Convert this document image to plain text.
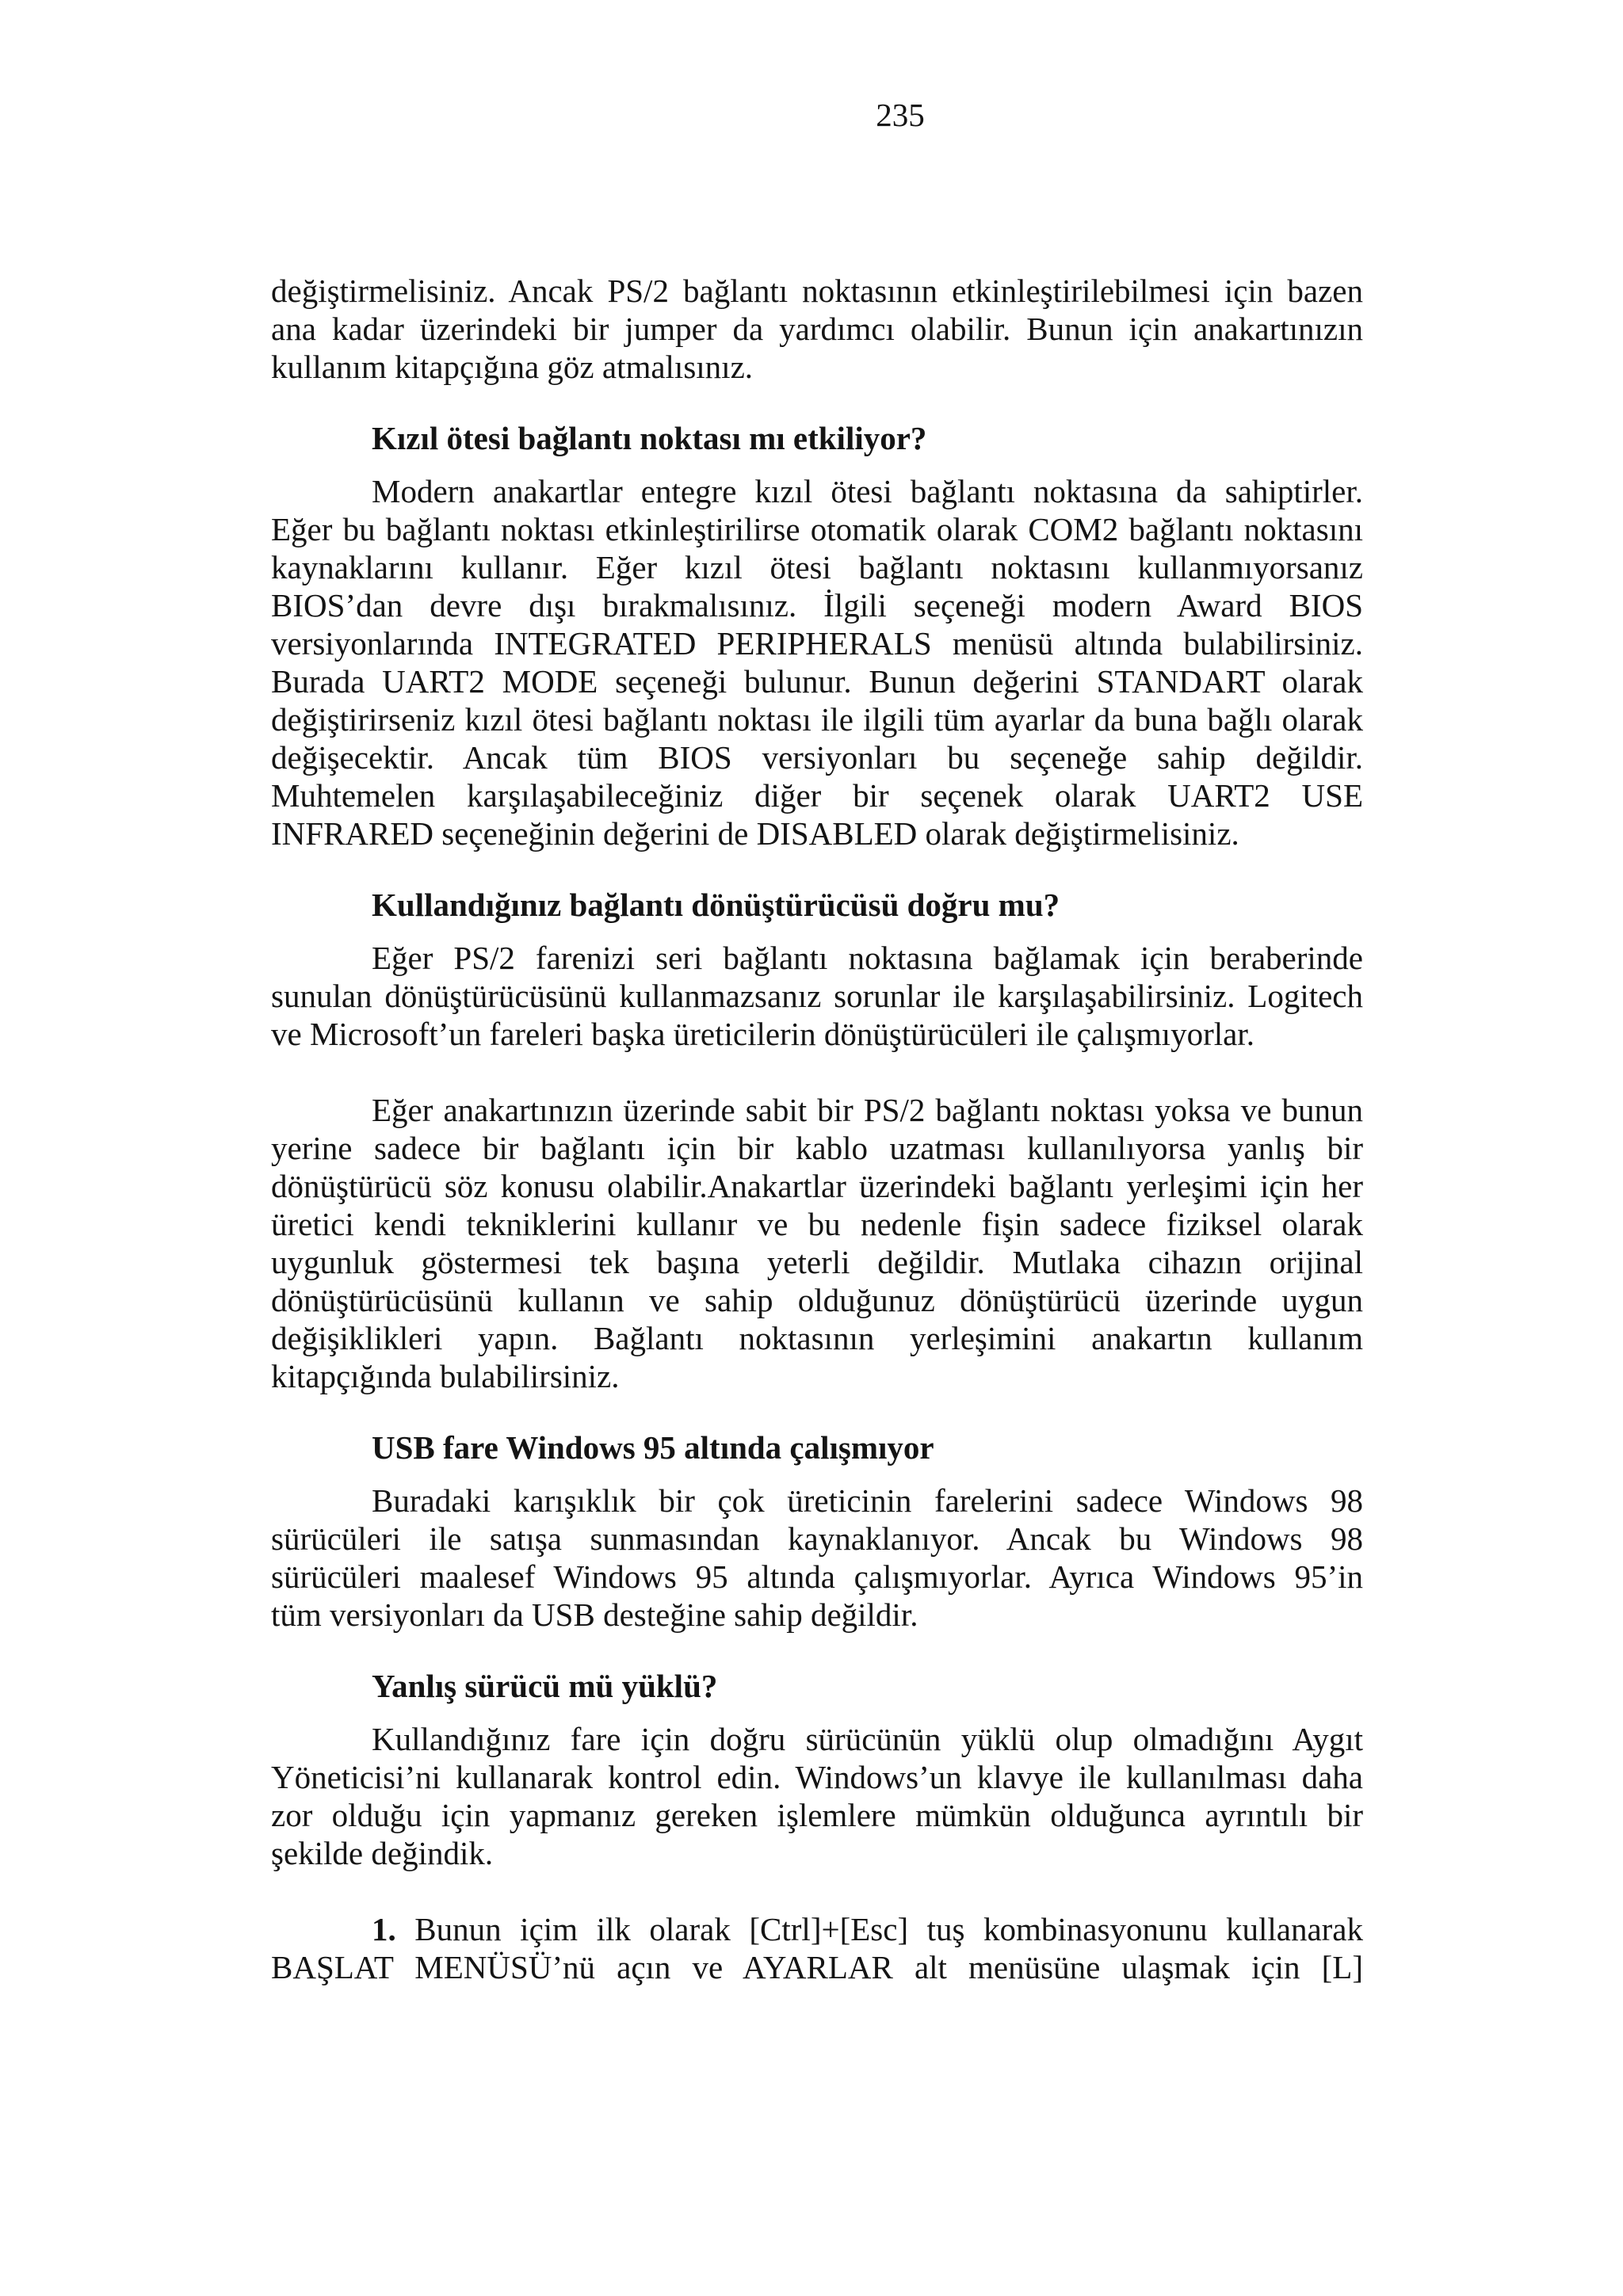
235
değiştirmelisiniz. Ancak PS/2 bağlantı noktasının etkinleştirilebilmesi için bazen
ana kadar üzerindeki bir jumper da yardımcı olabilir. Bunun için anakartınızın
kullanım kitapçığına göz atmalısınız.
Kızıl ötesi bağlantı noktası mı etkiliyor?
Modern anakartlar entegre kızıl ötesi bağlantı noktasına da sahiptirler.
Eğer bu bağlantı noktası etkinleştirilirse otomatik olarak COM2 bağlantı noktasını
kaynaklarını kullanır. Eğer kızıl ötesi bağlantı noktasını kullanmıyorsanız
BIOS’dan devre dışı bırakmalısınız. İlgili seçeneği modern Award BIOS
versiyonlarında INTEGRATED PERIPHERALS menüsü altında bulabilirsiniz.
Burada UART2 MODE seçeneği bulunur. Bunun değerini STANDART olarak
değiştirirseniz kızıl ötesi bağlantı noktası ile ilgili tüm ayarlar da buna bağlı olarak
değişecektir. Ancak tüm BIOS versiyonları bu seçeneğe sahip değildir.
Muhtemelen karşılaşabileceğiniz diğer bir seçenek olarak UART2 USE
INFRARED seçeneğinin değerini de DISABLED olarak değiştirmelisiniz.
Kullandığınız bağlantı dönüştürücüsü doğru mu?
Eğer PS/2 farenizi seri bağlantı noktasına bağlamak için beraberinde
sunulan dönüştürücüsünü kullanmazsanız sorunlar ile karşılaşabilirsiniz. Logitech
ve Microsoft’un fareleri başka üreticilerin dönüştürücüleri ile çalışmıyorlar.
Eğer anakartınızın üzerinde sabit bir PS/2 bağlantı noktası yoksa ve bunun
yerine sadece bir bağlantı için bir kablo uzatması kullanılıyorsa yanlış bir
dönüştürücü söz konusu olabilir.Anakartlar üzerindeki bağlantı yerleşimi için her
üretici kendi tekniklerini kullanır ve bu nedenle fişin sadece fiziksel olarak
uygunluk göstermesi tek başına yeterli değildir. Mutlaka cihazın orijinal
dönüştürücüsünü kullanın ve sahip olduğunuz dönüştürücü üzerinde uygun
değişiklikleri yapın. Bağlantı noktasının yerleşimini anakartın kullanım
kitapçığında bulabilirsiniz.
USB fare Windows 95 altında çalışmıyor
Buradaki karışıklık bir çok üreticinin farelerini sadece Windows 98
sürücüleri ile satışa sunmasından kaynaklanıyor. Ancak bu Windows 98
sürücüleri maalesef Windows 95 altında çalışmıyorlar. Ayrıca Windows 95’in
tüm versiyonları da USB desteğine sahip değildir.
Yanlış sürücü mü yüklü?
Kullandığınız fare için doğru sürücünün yüklü olup olmadığını Aygıt
Yöneticisi’ni kullanarak kontrol edin. Windows’un klavye ile kullanılması daha
zor olduğu için yapmanız gereken işlemlere mümkün olduğunca ayrıntılı bir
şekilde değindik.
1. Bunun içim ilk olarak [Ctrl]+[Esc] tuş kombinasyonunu kullanarak
BAŞLAT MENÜSÜ’nü açın ve AYARLAR alt menüsüne ulaşmak için [L]
